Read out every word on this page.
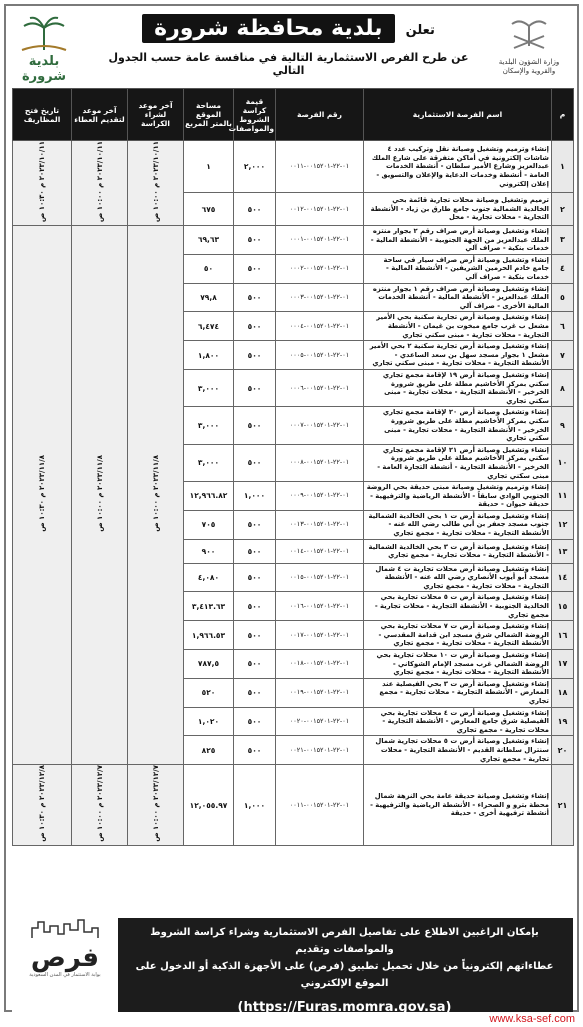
بلدية شرورة
تعلن بلدية محافظة شرورة
عن طرح الفرص الاستثمارية التالية في منافسة عامة حسب الجدول التالي
وزارة الشؤون البلدية والقروية والإسكان
م	اسم الفرصة الاستثمارية	رقم الفرصة	قيمة كراسة الشروط والمواصفات	مساحة الموقع بالمتر المربع	آخر موعد لشراء الكراسة	آخر موعد لتقديم العطاء	تاريخ فتح المظاريف
١	إنشاء وترميم وتشغيل وصيانة نقل وتركيب عدد ٤ شاشات إلكترونية في أماكن متفرقة على شارع الملك عبدالعزيز وشارع الأمير سلطان - أنشطة الخدمات العامة - أنشطة وخدمات الدعاية والإعلان والتسويق - إعلان إلكتروني	٠١-٢٢-٠٠١٥٢٠١-٠٠١١	٢,٠٠٠	١	٢٠٢٣/١٠/١١ م ١٠:٠٠ ص	٢٠٢٣/١٠/١١ م ١٠:٠٠ ص	٢٠٢٣/١٠/١١ م ١٠:٣٠ ص
٢	ترميم وتشغيل وصيانة محلات تجارية قائمة بحي الخالدية الشمالية جنوب جامع طارق بن زياد - الأنشطة التجارية - محلات تجارية - محل	٠١-٢٢-٠٠١٥٢٠١-٠٠١٢	٥٠٠	٦٧٥			
٣	إنشاء وتشغيل وصيانة أرض صراف رقم ٢ بجوار منتزه الملك عبدالعزيز من الجهة الجنوبية - الأنشطة المالية - خدمات بنكية - صراف آلي	٠١-٢٢-٠٠١٥٢٠١-٠٠٠١	٥٠٠	٦٩,٦٣	٢٠٢٣/١١/٨ م ١٠:٠٠ ص	٢٠٢٣/١١/٨ م ١٠:٠٠ ص	٢٠٢٣/١١/٨ م ١٠:٣٠ ص
٤	إنشاء وتشغيل وصيانة أرض صراف سيار في ساحة جامع خادم الحرمين الشريفين - الأنشطة المالية - خدمات بنكية - صراف آلي	٠١-٢٢-٠٠١٥٢٠١-٠٠٠٢	٥٠٠	٥٠			
٥	إنشاء وتشغيل وصيانة أرض صراف رقم ١ بجوار منتزه الملك عبدالعزيز - الأنشطة المالية - أنشطة الخدمات المالية الأخرى - صراف آلي	٠١-٢٢-٠٠١٥٢٠١-٠٠٠٣	٥٠٠	٧٩,٨			
٦	إنشاء وتشغيل وصيانة أرض تجارية سكنية بحي الأمير مشعل ب غرب جامع مبخوت بن غيمان - الأنشطة التجارية - محلات تجارية - مبنى سكني تجاري	٠١-٢٢-٠٠١٥٢٠١-٠٠٠٤	٥٠٠	٦,٤٧٤			
٧	إنشاء وتشغيل وصيانة أرض تجارية سكنية ٢ بحي الأمير مشعل ١ بجوار مسجد سهل بن سعد الساعدي - الأنشطة التجارية - محلات تجارية - مبنى سكني تجاري	٠١-٢٢-٠٠١٥٢٠١-٠٠٠٥	٥٠٠	١,٨٠٠			
٨	إنشاء وتشغيل وصيانة أرض ١٩ لإقامة مجمع تجاري سكني بمركز الأخاشيم مطلة على طريق شرورة الخرخير - الأنشطة التجارية - محلات تجارية - مبنى سكني تجاري	٠١-٢٢-٠٠١٥٢٠١-٠٠٠٦	٥٠٠	٣,٠٠٠			
٩	إنشاء وتشغيل وصيانة أرض ٢٠ لإقامة مجمع تجاري سكني بمركز الأخاشيم مطلة على طريق شرورة الخرخير - الأنشطة التجارية - محلات تجارية - مبنى سكني تجاري	٠١-٢٢-٠٠١٥٢٠١-٠٠٠٧	٥٠٠	٣,٠٠٠			
١٠	إنشاء وتشغيل وصيانة أرض ٢١ لإقامة مجمع تجاري سكني بمركز الأخاشيم مطلة على طريق شرورة الخرخير - الأنشطة التجارية - أنشطة التجارة العامة - مبنى سكني تجاري	٠١-٢٢-٠٠١٥٢٠١-٠٠٠٨	٥٠٠	٣,٠٠٠			
١١	إنشاء وترميم وتشغيل وصيانة مبنى حديقة بحي الروضة الجنوبي الوادي سابقاً - الأنشطة الرياضية والترفيهية - حديقة حيوان - حديقة	٠١-٢٢-٠٠١٥٢٠١-٠٠٠٩	١,٠٠٠	١٢,٩٦٦.٨٢			
١٢	إنشاء وتشغيل وصيانة أرض ت ١ بحي الخالدية الشمالية جنوب مسجد جعفر بن أبي طالب رضي الله عنه - الأنشطة التجارية - محلات تجارية - مجمع تجاري	٠١-٢٢-٠٠١٥٢٠١-٠٠١٣	٥٠٠	٧٠٥			
١٣	إنشاء وتشغيل وصيانة أرض ت ٣ بحي الخالدية الشمالية - الأنشطة التجارية - محلات تجارية - مجمع تجاري	٠١-٢٢-٠٠١٥٢٠١-٠٠١٤	٥٠٠	٩٠٠			
١٤	إنشاء وتشغيل وصيانة أرض محلات تجارية ت ٤ شمال مسجد أبو أيوب الأنصاري رضي الله عنه - الأنشطة التجارية - محلات تجارية - مجمع تجاري	٠١-٢٢-٠٠١٥٢٠١-٠٠١٥	٥٠٠	٤,٠٨٠			
١٥	إنشاء وتشغيل وصيانة أرض ت ٥ محلات تجارية بحي الخالدية الجنوبية - الأنشطة التجارية - محلات تجارية - مجمع تجاري	٠١-٢٢-٠٠١٥٢٠١-٠٠١٦	٥٠٠	٣,٤١٣.٦٣			
١٦	إنشاء وتشغيل وصيانة أرض ت ٧ محلات تجارية بحي الروضة الشمالي شرق مسجد ابن قدامة المقدسي - الأنشطة التجارية - محلات تجارية - مجمع تجاري	٠١-٢٢-٠٠١٥٢٠١-٠٠١٧	٥٠٠	١,٩٦٦.٥٣			
١٧	إنشاء وتشغيل وصيانة أرض ت ١٠ محلات تجارية بحي الروضة الشمالي غرب مسجد الإمام الشوكاني - الأنشطة التجارية - محلات تجارية - مجمع تجاري	٠١-٢٢-٠٠١٥٢٠١-٠٠١٨	٥٠٠	٧٨٧,٥			
١٨	إنشاء وتشغيل وصيانة أرض ت ٣ بحي الفيصلية عند المعارض - الأنشطة التجارية - محلات تجارية - مجمع تجاري	٠١-٢٢-٠٠١٥٢٠١-٠٠١٩	٥٠٠	٥٢٠			
١٩	إنشاء وتشغيل وصيانة أرض ت ٤ محلات تجارية بحي الفيصلية شرق جامع المعارض - الأنشطة التجارية - محلات تجارية - مجمع تجاري	٠١-٢٢-٠٠١٥٢٠١-٠٠٢٠	٥٠٠	١,٠٢٠			
٢٠	إنشاء وتشغيل وصيانة أرض ت ٥ محلات تجارية شمال سنترال سلطانة القديم - الأنشطة التجارية - محلات تجارية - مجمع تجاري	٠١-٢٢-٠٠١٥٢٠١-٠٠٢١	٥٠٠	٨٢٥			
٢١	إنشاء وتشغيل وصيانة حديقة عامة بحي النزهة شمال محطة بترو و الصحراء - الأنشطة الرياضية والترفيهية - أنشطة ترفيهية أخرى - حديقة	٠١-٢٢-٠٠١٥٢٠١-٠٠١١	١,٠٠٠	١٢,٠٥٥.٩٧	٢٠٢٣/١٢/٧ م ١٠:٠٠ ص	٢٠٢٣/١٢/٧ م ١٠:٠٠ ص	٢٠٢٣/١٢/٨ م ١٠:٣٠ ص
فرص
بوابة الاستثمار في المدن السعودية
بإمكان الراغبين الاطلاع على تفاصيل الفرص الاستثمارية وشراء كراسة الشروط والمواصفات وتقديم
عطاءاتهم إلكترونياً من خلال تحميل تطبيق (فرص) على الأجهزة الذكية أو الدخول على الموقع الإلكتروني
(https://Furas.momra.gov.sa)
www.ksa-sef.com
